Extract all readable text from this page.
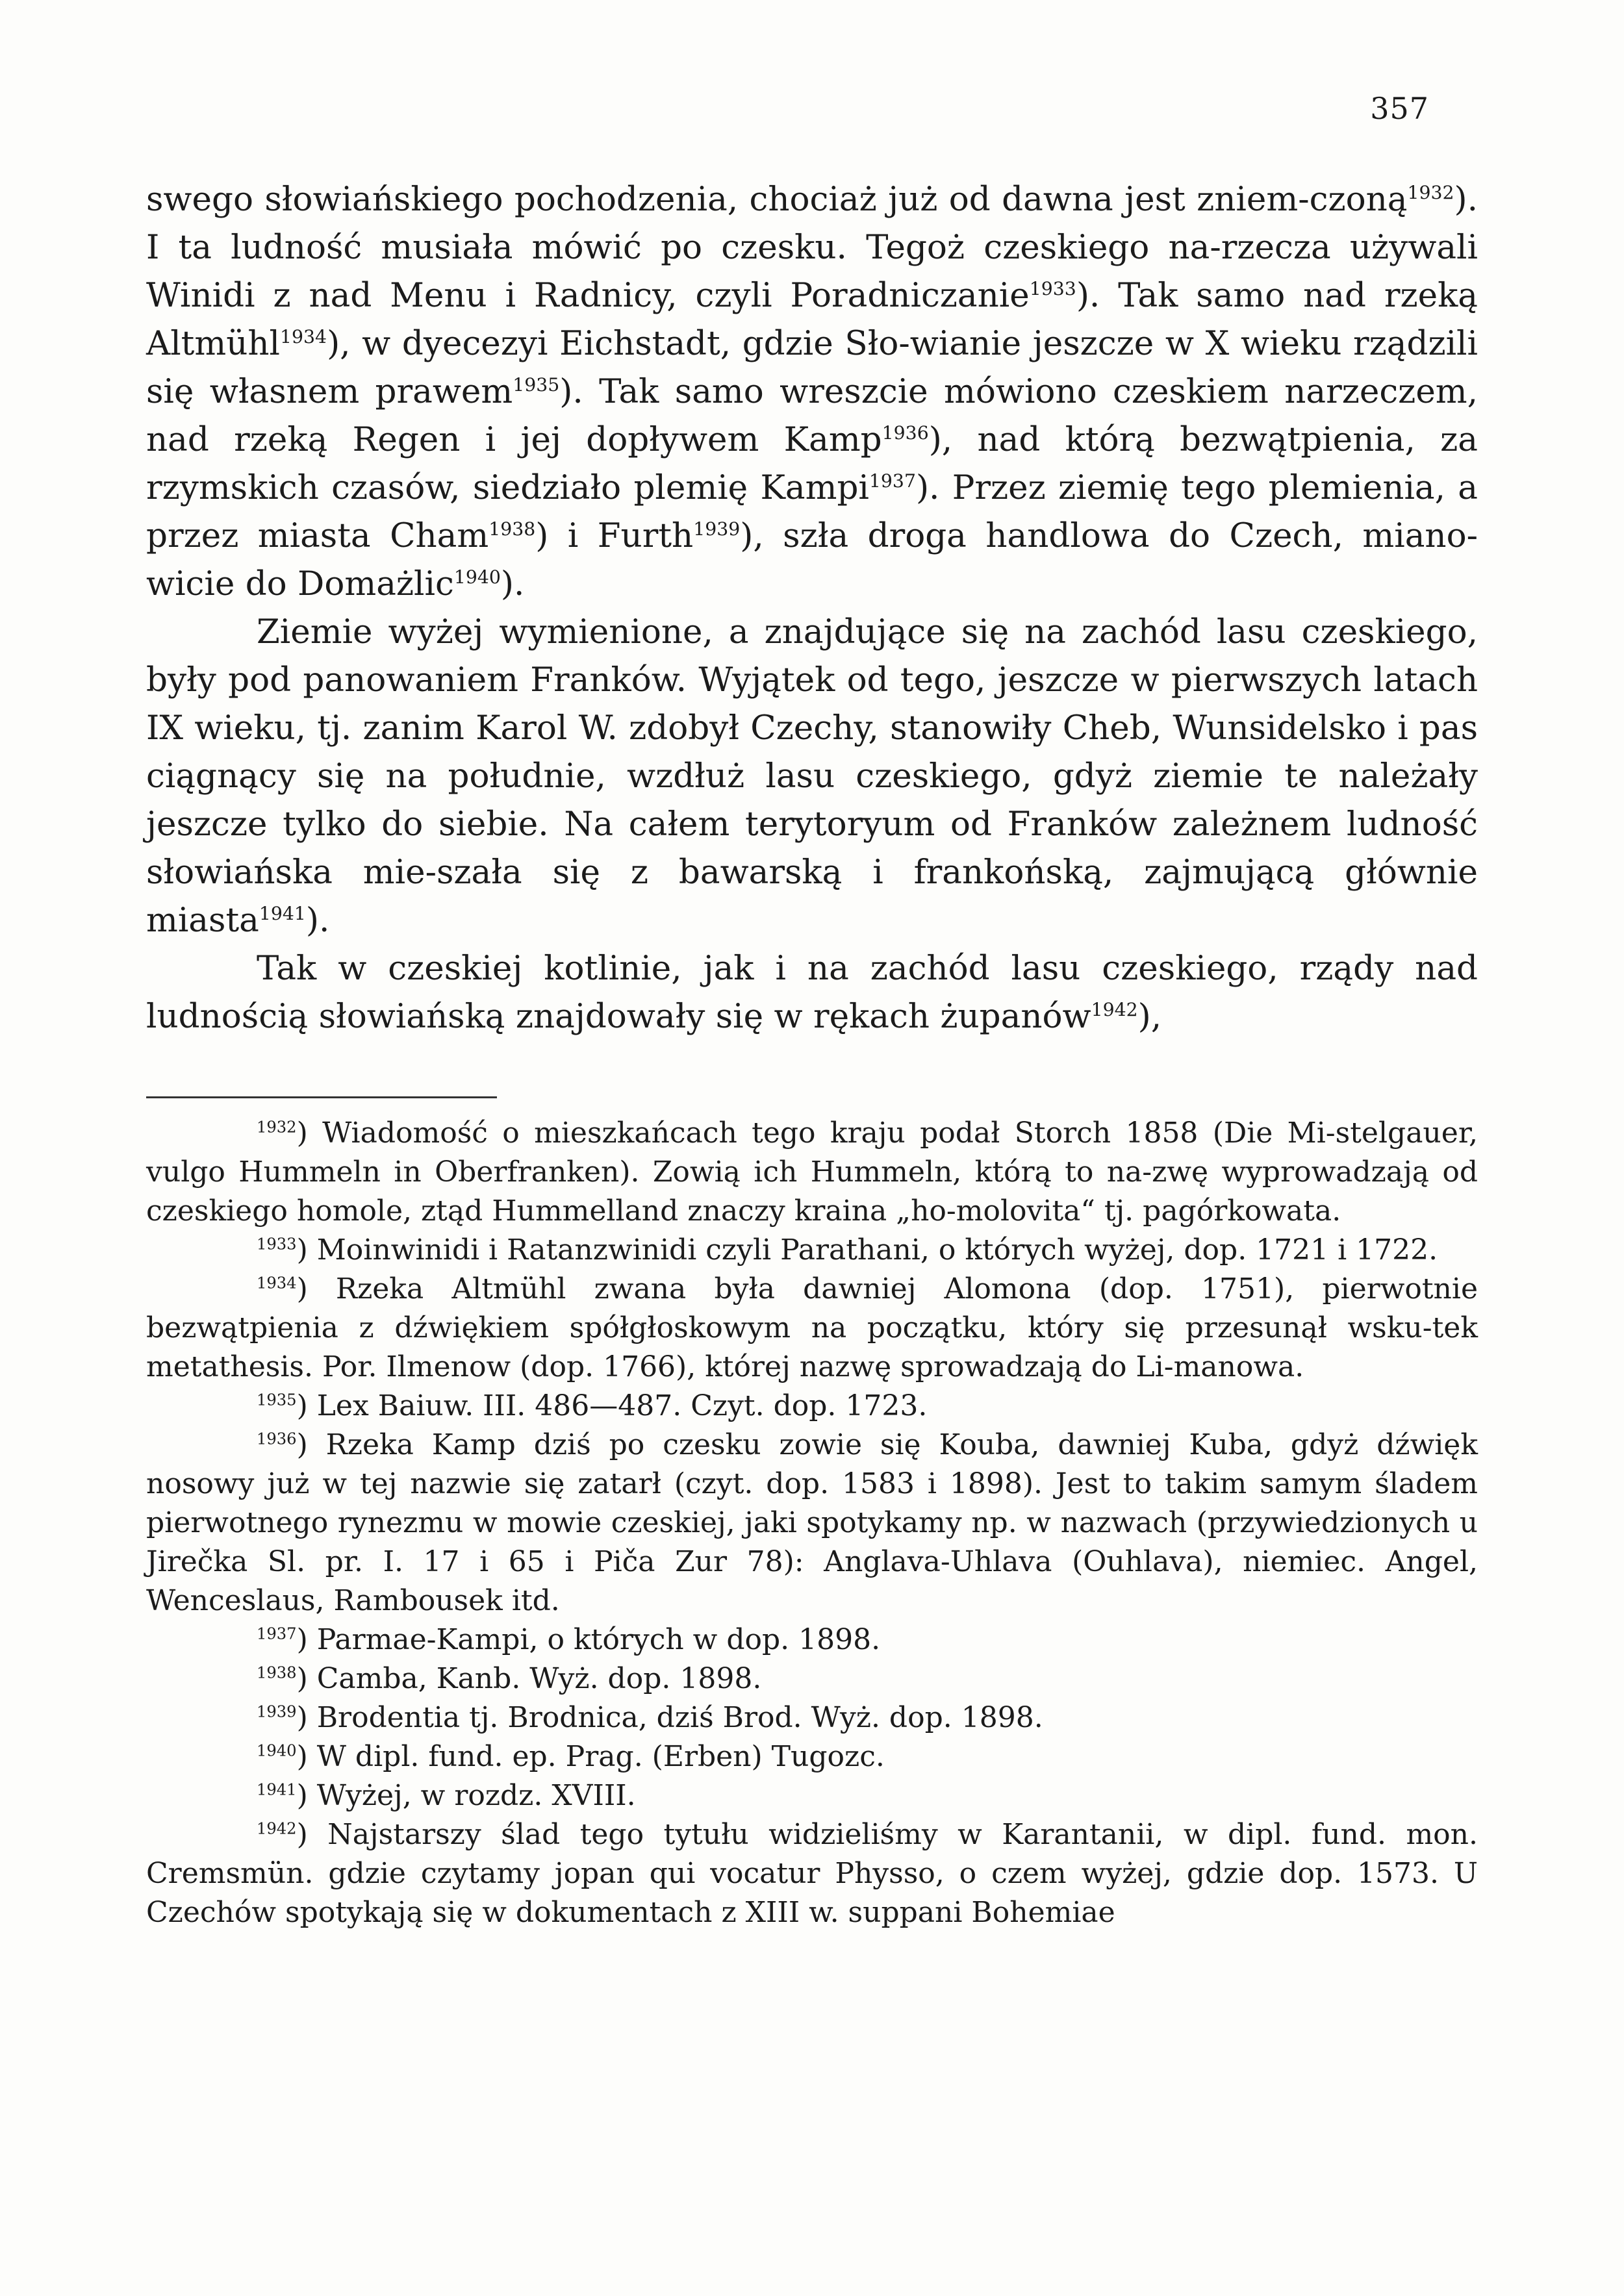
357

swego słowiańskiego pochodzenia, chociaż już od dawna jest zniem-czoną$^{1932}$). I ta ludność musiała mówić po czesku. Tegoż czeskiego na-rzecza używali Winidi z nad Menu i Radnicy, czyli Poradniczanie$^{1933}$). Tak samo nad rzeką Altmühl$^{1934}$), w dyecezyi Eichstadt, gdzie Sło-wianie jeszcze w X wieku rządzili się własnem prawem$^{1935}$). Tak samo wreszcie mówiono czeskiem narzeczem, nad rzeką Regen i jej dopływem Kamp$^{1936}$), nad którą bezwątpienia, za rzymskich czasów, siedziało plemię Kampi$^{1937}$). Przez ziemię tego plemienia, a przez miasta Cham$^{1938}$) i Furth$^{1939}$), szła droga handlowa do Czech, miano-wicie do Domażlic$^{1940}$).

Ziemie wyżej wymienione, a znajdujące się na zachód lasu czeskiego, były pod panowaniem Franków. Wyjątek od tego, jeszcze w pierwszych latach IX wieku, tj. zanim Karol W. zdobył Czechy, stanowiły Cheb, Wunsidelsko i pas ciągnący się na południe, wzdłuż lasu czeskiego, gdyż ziemie te należały jeszcze tylko do siebie. Na całem terytoryum od Franków zależnem ludność słowiańska mie-szała się z bawarską i frankońską, zajmującą głównie miasta$^{1941}$).

Tak w czeskiej kotlinie, jak i na zachód lasu czeskiego, rządy nad ludnością słowiańską znajdowały się w rękach żupanów$^{1942}$),

$^{1932}$) Wiadomość o mieszkańcach tego kraju podał Storch 1858 (Die Mi-stelgauer, vulgo Hummeln in Oberfranken). Zowią ich Hummeln, którą to na-zwę wyprowadzają od czeskiego homole, ztąd Hummelland znaczy kraina „ho-molovita“ tj. pagórkowata.

$^{1933}$) Moinwinidi i Ratanzwinidi czyli Parathani, o których wyżej, dop. 1721 i 1722.

$^{1934}$) Rzeka Altmühl zwana była dawniej Alomona (dop. 1751), pierwotnie bezwątpienia z dźwiękiem spółgłoskowym na początku, który się przesunął wsku-tek metathesis. Por. Ilmenow (dop. 1766), której nazwę sprowadzają do Li-manowa.

$^{1935}$) Lex Baiuw. III. 486—487. Czyt. dop. 1723.

$^{1936}$) Rzeka Kamp dziś po czesku zowie się Kouba, dawniej Kuba, gdyż dźwięk nosowy już w tej nazwie się zatarł (czyt. dop. 1583 i 1898). Jest to takim samym śladem pierwotnego rynezmu w mowie czeskiej, jaki spotykamy np. w nazwach (przywiedzionych u Jirečka Sl. pr. I. 17 i 65 i Piča Zur 78): Anglava-Uhlava (Ouhlava), niemiec. Angel, Wenceslaus, Rambousek itd.

$^{1937}$) Parmae-Kampi, o których w dop. 1898.

$^{1938}$) Camba, Kanb. Wyż. dop. 1898.

$^{1939}$) Brodentia tj. Brodnica, dziś Brod. Wyż. dop. 1898.

$^{1940}$) W dipl. fund. ep. Prag. (Erben) Tugozc.

$^{1941}$) Wyżej, w rozdz. XVIII.

$^{1942}$) Najstarszy ślad tego tytułu widzieliśmy w Karantanii, w dipl. fund. mon. Cremsmün. gdzie czytamy jopan qui vocatur Physso, o czem wyżej, gdzie dop. 1573. U Czechów spotykają się w dokumentach z XIII w. suppani Bohemiae
